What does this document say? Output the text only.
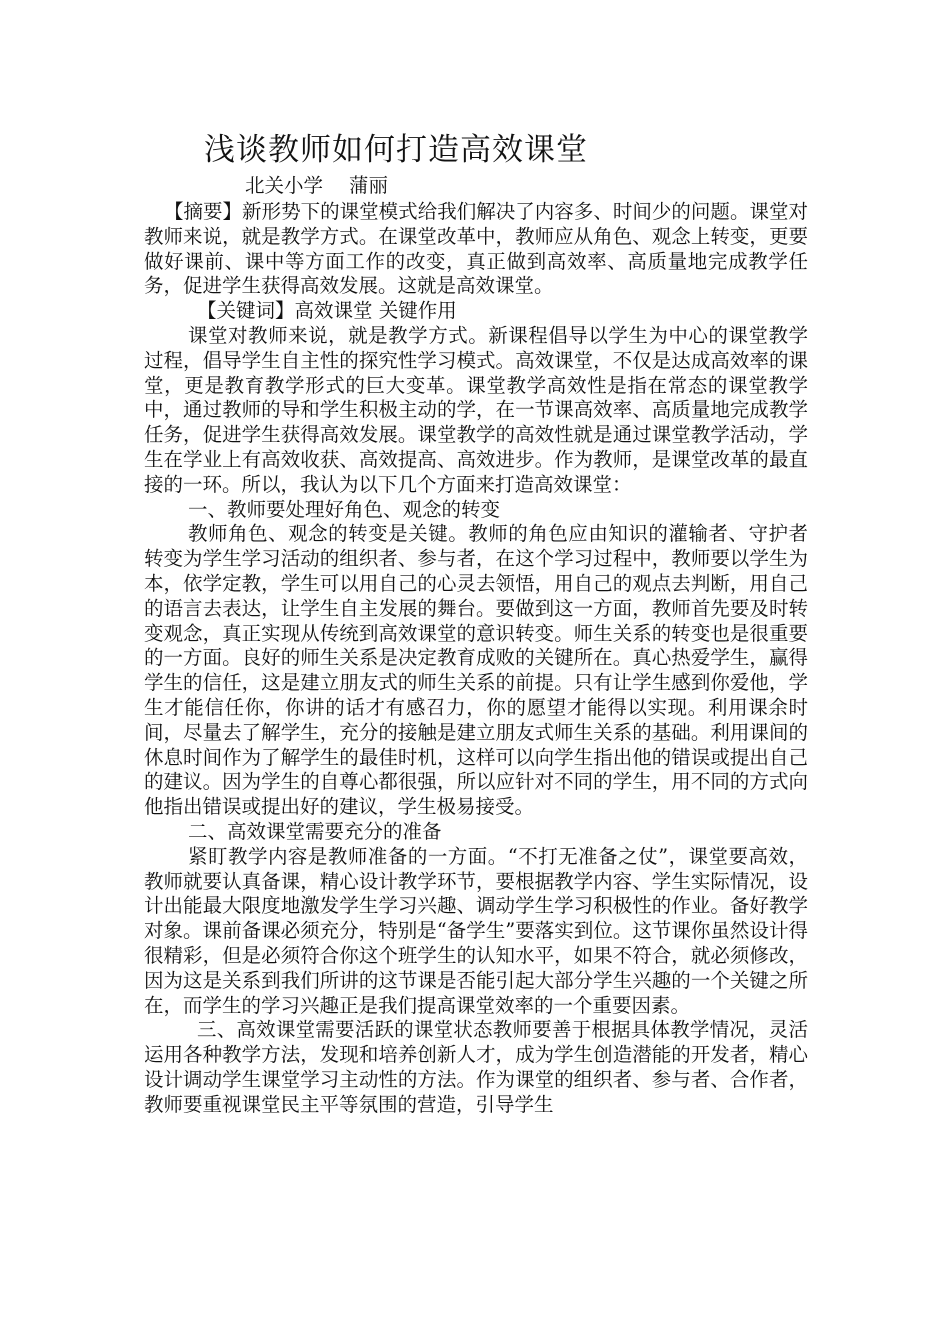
浅谈教师如何打造高效课堂
北关小学 蒲丽

【摘要】新形势下的课堂模式给我们解决了内容多、时间少的问题。课堂对教师来说，就是教学方式。在课堂改革中，教师应从角色、观念上转变，更要做好课前、课中等方面工作的改变，真正做到高效率、高质量地完成教学任务，促进学生获得高效发展。这就是高效课堂。

【关键词】高效课堂 关键作用

课堂对教师来说，就是教学方式。新课程倡导以学生为中心的课堂教学过程，倡导学生自主性的探究性学习模式。高效课堂，不仅是达成高效率的课堂，更是教育教学形式的巨大变革。课堂教学高效性是指在常态的课堂教学中，通过教师的导和学生积极主动的学，在一节课高效率、高质量地完成教学任务，促进学生获得高效发展。课堂教学的高效性就是通过课堂教学活动，学生在学业上有高效收获、高效提高、高效进步。作为教师，是课堂改革的最直接的一环。所以，我认为以下几个方面来打造高效课堂：

一、教师要处理好角色、观念的转变

教师角色、观念的转变是关键。教师的角色应由知识的灌输者、守护者转变为学生学习活动的组织者、参与者，在这个学习过程中，教师要以学生为本，依学定教，学生可以用自己的心灵去领悟，用自己的观点去判断，用自己的语言去表达，让学生自主发展的舞台。要做到这一方面，教师首先要及时转变观念，真正实现从传统到高效课堂的意识转变。师生关系的转变也是很重要的一方面。良好的师生关系是决定教育成败的关键所在。真心热爱学生，赢得学生的信任，这是建立朋友式的师生关系的前提。只有让学生感到你爱他，学生才能信任你，你讲的话才有感召力，你的愿望才能得以实现。利用课余时间，尽量去了解学生，充分的接触是建立朋友式师生关系的基础。利用课间的休息时间作为了解学生的最佳时机，这样可以向学生指出他的错误或提出自己的建议。因为学生的自尊心都很强，所以应针对不同的学生，用不同的方式向他指出错误或提出好的建议，学生极易接受。

二、高效课堂需要充分的准备

紧盯教学内容是教师准备的一方面。“不打无准备之仗”，课堂要高效，教师就要认真备课，精心设计教学环节，要根据教学内容、学生实际情况，设计出能最大限度地激发学生学习兴趣、调动学生学习积极性的作业。备好教学对象。课前备课必须充分，特别是“备学生”要落实到位。这节课你虽然设计得很精彩，但是必须符合你这个班学生的认知水平，如果不符合，就必须修改，因为这是关系到我们所讲的这节课是否能引起大部分学生兴趣的一个关键之所在，而学生的学习兴趣正是我们提高课堂效率的一个重要因素。

三、高效课堂需要活跃的课堂状态教师要善于根据具体教学情况，灵活运用各种教学方法，发现和培养创新人才，成为学生创造潜能的开发者，精心设计调动学生课堂学习主动性的方法。作为课堂的组织者、参与者、合作者，教师要重视课堂民主平等氛围的营造，引导学生
